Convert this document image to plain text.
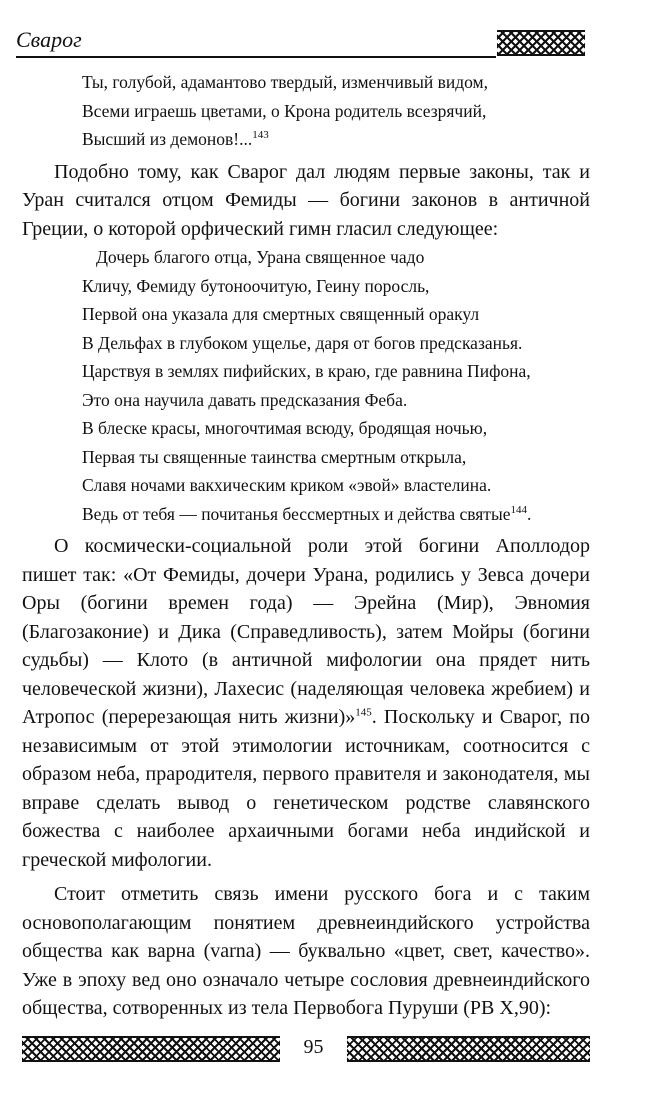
Сварог

Ты, голубой, адамантово твердый, изменчивый видом,
Всеми играешь цветами, о Крона родитель всезрячий,
Высший из демонов!...$^{143}$

Подобно тому, как Сварог дал людям первые законы, так и Уран считался отцом Фемиды — богини законов в античной Греции, о которой орфический гимн гласил следующее:

Дочерь благого отца, Урана священное чадо
Кличу, Фемиду бутоноочитую, Геину поросль,
Первой она указала для смертных священный оракул
В Дельфах в глубоком ущелье, даря от богов предсказанья.
Царствуя в землях пифийских, в краю, где равнина Пифона,
Это она научила давать предсказания Феба.
В блеске красы, многочтимая всюду, бродящая ночью,
Первая ты священные таинства смертным открыла,
Славя ночами вакхическим криком «эвой» властелина.
Ведь от тебя — почитанья бессмертных и действа святые$^{144}$.

О космически-социальной роли этой богини Аполлодор пишет так: «От Фемиды, дочери Урана, родились у Зевса дочери Оры (богини времен года) — Эрейна (Мир), Эвномия (Благозаконие) и Дика (Справедливость), затем Мойры (богини судьбы) — Клото (в античной мифологии она прядет нить человеческой жизни), Лахесис (наделяющая человека жребием) и Атропос (перерезающая нить жизни)»$^{145}$. Поскольку и Сварог, по независимым от этой этимологии источникам, соотносится с образом неба, прародителя, первого правителя и законодателя, мы вправе сделать вывод о генетическом родстве славянского божества с наиболее архаичными богами неба индийской и греческой мифологии.

Стоит отметить связь имени русского бога и с таким основополагающим понятием древнеиндийского устройства общества как варна (varna) — буквально «цвет, свет, качество». Уже в эпоху вед оно означало четыре сословия древнеиндийского общества, сотворенных из тела Первобога Пуруши (РВ X,90):

95
